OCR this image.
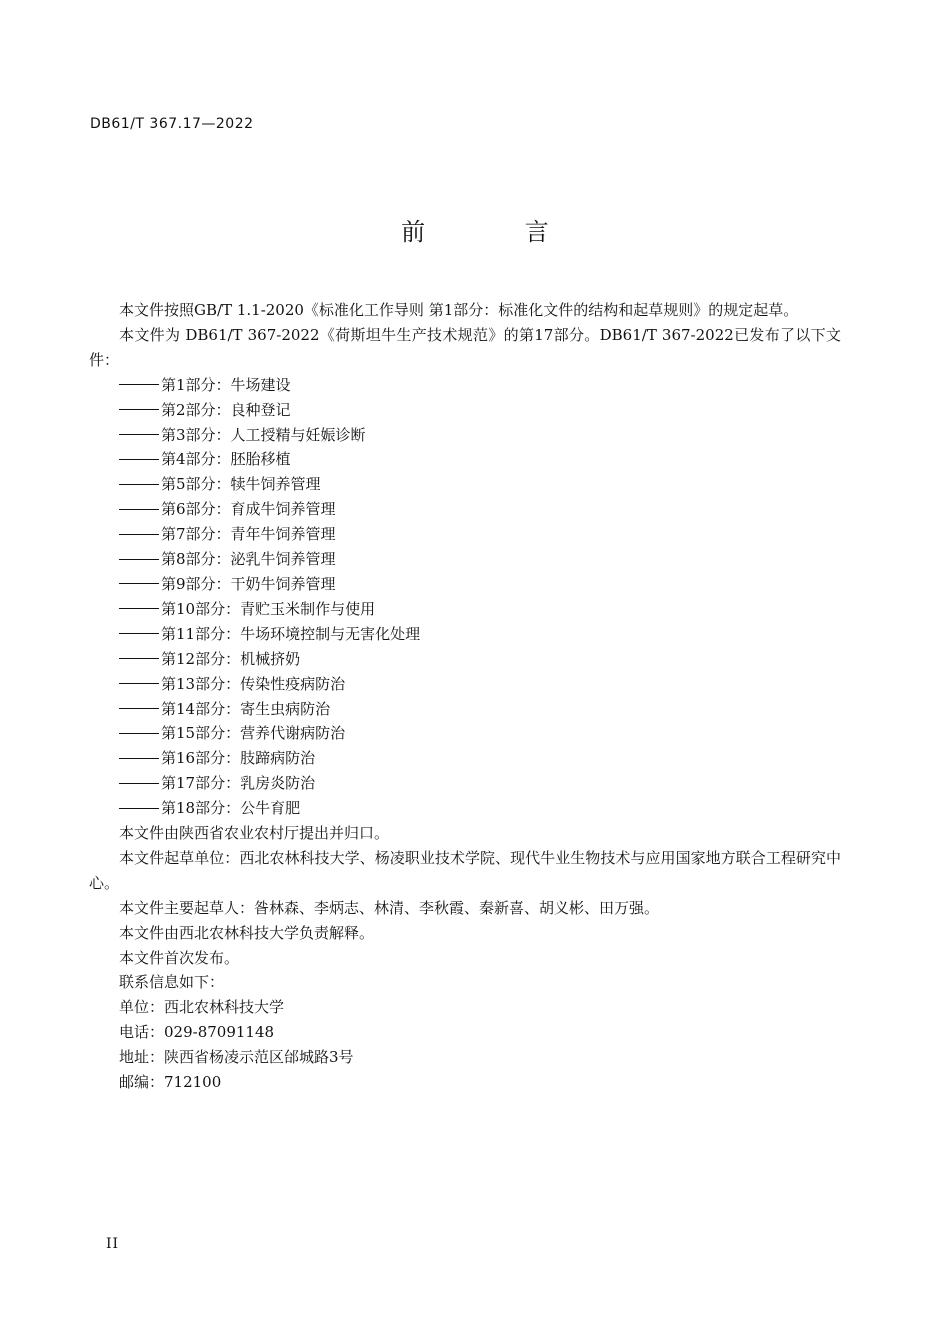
DB61/T 367.17—2022
前 言

本文件按照GB/T 1.1-2020《标准化工作导则 第1部分：标准化文件的结构和起草规则》的规定起草。

本文件为 DB61/T 367-2022《荷斯坦牛生产技术规范》的第17部分。DB61/T 367-2022已发布了以下文件：

第1部分：牛场建设
第2部分：良种登记
第3部分：人工授精与妊娠诊断
第4部分：胚胎移植
第5部分：犊牛饲养管理
第6部分：育成牛饲养管理
第7部分：青年牛饲养管理
第8部分：泌乳牛饲养管理
第9部分：干奶牛饲养管理
第10部分：青贮玉米制作与使用
第11部分：牛场环境控制与无害化处理
第12部分：机械挤奶
第13部分：传染性疫病防治
第14部分：寄生虫病防治
第15部分：营养代谢病防治
第16部分：肢蹄病防治
第17部分：乳房炎防治
第18部分：公牛育肥

本文件由陕西省农业农村厅提出并归口。

本文件起草单位：西北农林科技大学、杨凌职业技术学院、现代牛业生物技术与应用国家地方联合工程研究中心。

本文件主要起草人：昝林森、李炳志、林清、李秋霞、秦新喜、胡义彬、田万强。

本文件由西北农林科技大学负责解释。

本文件首次发布。

联系信息如下：

单位：西北农林科技大学
电话：029-87091148
地址：陕西省杨凌示范区邰城路3号
邮编：712100
II
